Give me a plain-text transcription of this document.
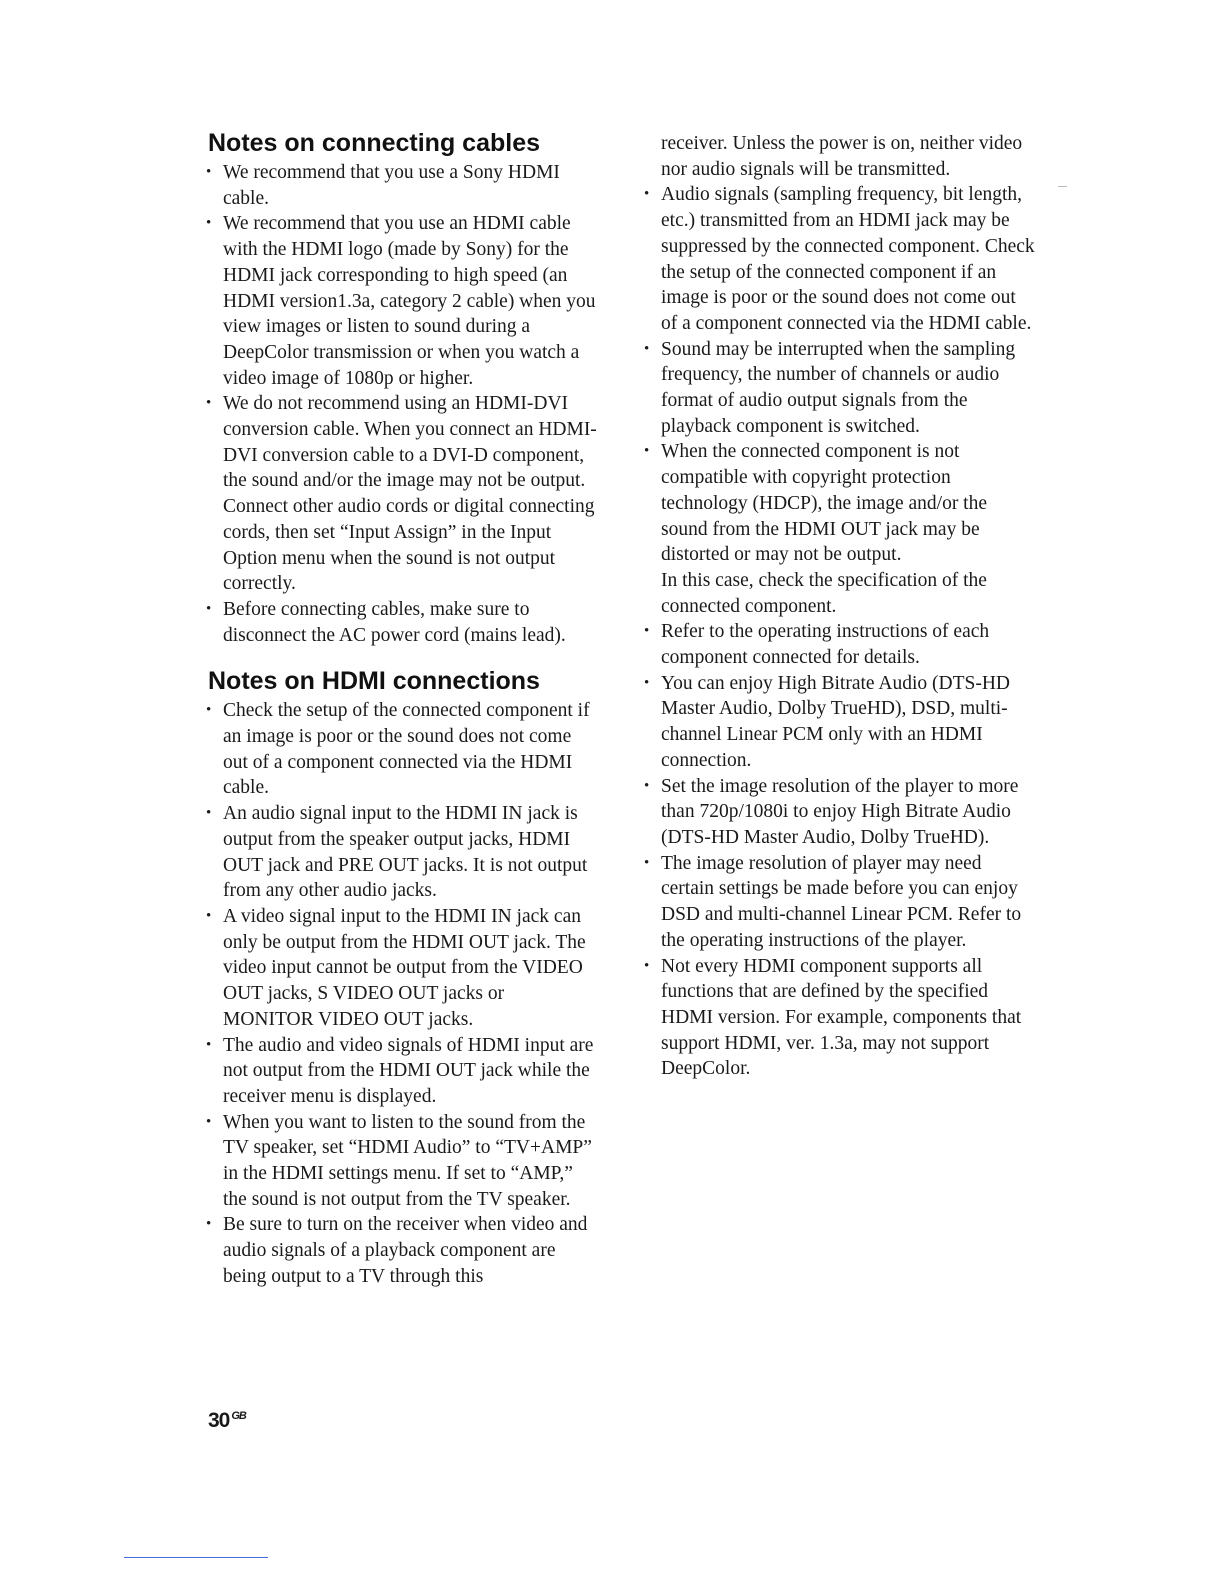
Notes on connecting cables
• We recommend that you use a Sony HDMI cable.
• We recommend that you use an HDMI cable with the HDMI logo (made by Sony) for the HDMI jack corresponding to high speed (an HDMI version1.3a, category 2 cable) when you view images or listen to sound during a DeepColor transmission or when you watch a video image of 1080p or higher.
• We do not recommend using an HDMI-DVI conversion cable. When you connect an HDMI-DVI conversion cable to a DVI-D component, the sound and/or the image may not be output. Connect other audio cords or digital connecting cords, then set “Input Assign” in the Input Option menu when the sound is not output correctly.
• Before connecting cables, make sure to disconnect the AC power cord (mains lead).
Notes on HDMI connections
• Check the setup of the connected component if an image is poor or the sound does not come out of a component connected via the HDMI cable.
• An audio signal input to the HDMI IN jack is output from the speaker output jacks, HDMI OUT jack and PRE OUT jacks. It is not output from any other audio jacks.
• A video signal input to the HDMI IN jack can only be output from the HDMI OUT jack. The video input cannot be output from the VIDEO OUT jacks, S VIDEO OUT jacks or MONITOR VIDEO OUT jacks.
• The audio and video signals of HDMI input are not output from the HDMI OUT jack while the receiver menu is displayed.
• When you want to listen to the sound from the TV speaker, set “HDMI Audio” to “TV+AMP” in the HDMI settings menu. If set to “AMP,” the sound is not output from the TV speaker.
• Be sure to turn on the receiver when video and audio signals of a playback component are being output to a TV through this
receiver. Unless the power is on, neither video nor audio signals will be transmitted.
• Audio signals (sampling frequency, bit length, etc.) transmitted from an HDMI jack may be suppressed by the connected component. Check the setup of the connected component if an image is poor or the sound does not come out of a component connected via the HDMI cable.
• Sound may be interrupted when the sampling frequency, the number of channels or audio format of audio output signals from the playback component is switched.
• When the connected component is not compatible with copyright protection technology (HDCP), the image and/or the sound from the HDMI OUT jack may be distorted or may not be output.
In this case, check the specification of the connected component.
• Refer to the operating instructions of each component connected for details.
• You can enjoy High Bitrate Audio (DTS-HD Master Audio, Dolby TrueHD), DSD, multi-channel Linear PCM only with an HDMI connection.
• Set the image resolution of the player to more than 720p/1080i to enjoy High Bitrate Audio (DTS-HD Master Audio, Dolby TrueHD).
• The image resolution of player may need certain settings be made before you can enjoy DSD and multi-channel Linear PCM. Refer to the operating instructions of the player.
• Not every HDMI component supports all functions that are defined by the specified HDMI version. For example, components that support HDMI, ver. 1.3a, may not support DeepColor.
30 $^{GB}$
